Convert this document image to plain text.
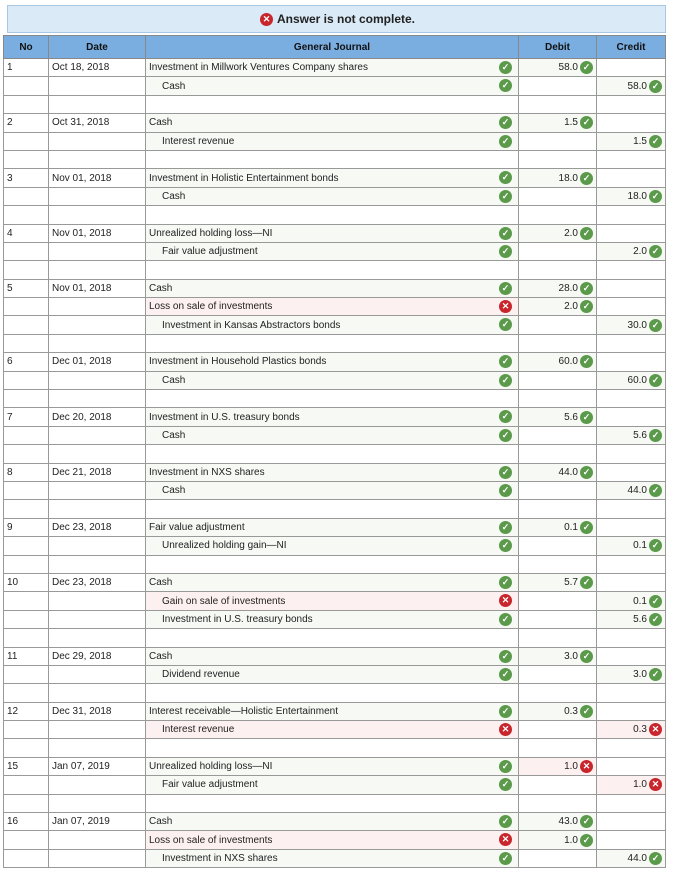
✕ Answer is not complete.
No	Date	General Journal	Debit	Credit
1	Oct 18, 2018	Investment in Millwork Ventures Company shares ✓	58.0 ✓	
		Cash ✓		58.0 ✓

2	Oct 31, 2018	Cash ✓	1.5 ✓	
		Interest revenue ✓		1.5 ✓

3	Nov 01, 2018	Investment in Holistic Entertainment bonds ✓	18.0 ✓	
		Cash ✓		18.0 ✓

4	Nov 01, 2018	Unrealized holding loss—NI ✓	2.0 ✓	
		Fair value adjustment ✓		2.0 ✓

5	Nov 01, 2018	Cash ✓	28.0 ✓	
		Loss on sale of investments ✕	2.0 ✓	
		Investment in Kansas Abstractors bonds ✓		30.0 ✓

6	Dec 01, 2018	Investment in Household Plastics bonds ✓	60.0 ✓	
		Cash ✓		60.0 ✓

7	Dec 20, 2018	Investment in U.S. treasury bonds ✓	5.6 ✓	
		Cash ✓		5.6 ✓

8	Dec 21, 2018	Investment in NXS shares ✓	44.0 ✓	
		Cash ✓		44.0 ✓

9	Dec 23, 2018	Fair value adjustment ✓	0.1 ✓	
		Unrealized holding gain—NI ✓		0.1 ✓

10	Dec 23, 2018	Cash ✓	5.7 ✓	
		Gain on sale of investments ✕		0.1 ✓
		Investment in U.S. treasury bonds ✓		5.6 ✓

11	Dec 29, 2018	Cash ✓	3.0 ✓	
		Dividend revenue ✓		3.0 ✓

12	Dec 31, 2018	Interest receivable—Holistic Entertainment ✓	0.3 ✓	
		Interest revenue ✕		0.3 ✕

15	Jan 07, 2019	Unrealized holding loss—NI ✓	1.0 ✕	
		Fair value adjustment ✓		1.0 ✕

16	Jan 07, 2019	Cash ✓	43.0 ✓	
		Loss on sale of investments ✕	1.0 ✓	
		Investment in NXS shares ✓		44.0 ✓
